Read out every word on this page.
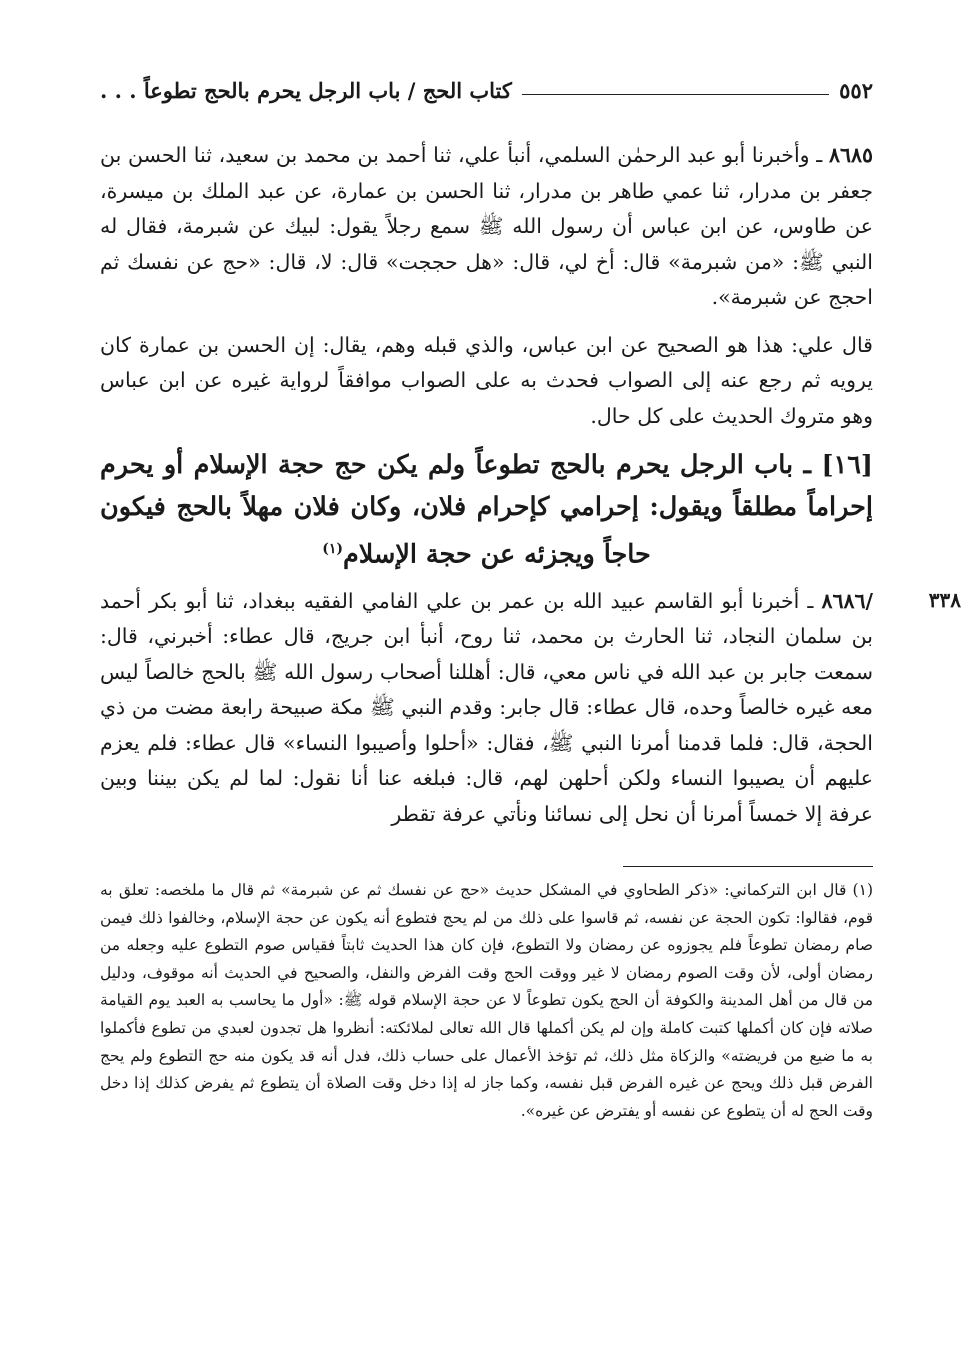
٥٥٢
كتاب الحج / باب الرجل يحرم بالحج تطوعاً . . .

٨٦٨٥ ـ وأخبرنا أبو عبد الرحمٰن السلمي، أنبأ علي، ثنا أحمد بن محمد بن سعيد، ثنا الحسن بن جعفر بن مدرار، ثنا عمي طاهر بن مدرار، ثنا الحسن بن عمارة، عن عبد الملك بن ميسرة، عن طاوس، عن ابن عباس أن رسول الله ﷺ سمع رجلاً يقول: لبيك عن شبرمة، فقال له النبي ﷺ: «من شبرمة» قال: أخ لي، قال: «هل حججت» قال: لا، قال: «حج عن نفسك ثم احجج عن شبرمة».

قال علي: هذا هو الصحيح عن ابن عباس، والذي قبله وهم، يقال: إن الحسن بن عمارة كان يرويه ثم رجع عنه إلى الصواب فحدث به على الصواب موافقاً لرواية غيره عن ابن عباس وهو متروك الحديث على كل حال.

[١٦] ـ باب الرجل يحرم بالحج تطوعاً ولم يكن حج حجة الإسلام أو يحرم إحراماً مطلقاً ويقول: إحرامي كإحرام فلان، وكان فلان مهلاً بالحج فيكون حاجاً ويجزئه عن حجة الإسلام$^{(١)}$
٣٣٨

/٨٦٨٦ ـ أخبرنا أبو القاسم عبيد الله بن عمر بن علي الفامي الفقيه ببغداد، ثنا أبو بكر أحمد بن سلمان النجاد، ثنا الحارث بن محمد، ثنا روح، أنبأ ابن جريج، قال عطاء: أخبرني، قال: سمعت جابر بن عبد الله في ناس معي، قال: أهللنا أصحاب رسول الله ﷺ بالحج خالصاً ليس معه غيره خالصاً وحده، قال عطاء: قال جابر: وقدم النبي ﷺ مكة صبيحة رابعة مضت من ذي الحجة، قال: فلما قدمنا أمرنا النبي ﷺ، فقال: «أحلوا وأصيبوا النساء» قال عطاء: فلم يعزم عليهم أن يصيبوا النساء ولكن أحلهن لهم، قال: فبلغه عنا أنا نقول: لما لم يكن بيننا وبين عرفة إلا خمساً أمرنا أن نحل إلى نسائنا ونأتي عرفة تقطر

(١) قال ابن التركماني: «ذكر الطحاوي في المشكل حديث «حج عن نفسك ثم عن شبرمة» ثم قال ما ملخصه: تعلق به قوم، فقالوا: تكون الحجة عن نفسه، ثم قاسوا على ذلك من لم يحج فتطوع أنه يكون عن حجة الإسلام، وخالفوا ذلك فيمن صام رمضان تطوعاً فلم يجوزوه عن رمضان ولا التطوع، فإن كان هذا الحديث ثابتاً فقياس صوم التطوع عليه وجعله من رمضان أولى، لأن وقت الصوم رمضان لا غير ووقت الحج وقت الفرض والنفل، والصحيح في الحديث أنه موقوف، ودليل من قال من أهل المدينة والكوفة أن الحج يكون تطوعاً لا عن حجة الإسلام قوله ﷺ: «أول ما يحاسب به العبد يوم القيامة صلاته فإن كان أكملها كتبت كاملة وإن لم يكن أكملها قال الله تعالى لملائكته: أنظروا هل تجدون لعبدي من تطوع فأكملوا به ما ضيع من فريضته» والزكاة مثل ذلك، ثم تؤخذ الأعمال على حساب ذلك، فدل أنه قد يكون منه حج التطوع ولم يحج الفرض قبل ذلك ويحج عن غيره الفرض قبل نفسه، وكما جاز له إذا دخل وقت الصلاة أن يتطوع ثم يفرض كذلك إذا دخل وقت الحج له أن يتطوع عن نفسه أو يفترض عن غيره».
